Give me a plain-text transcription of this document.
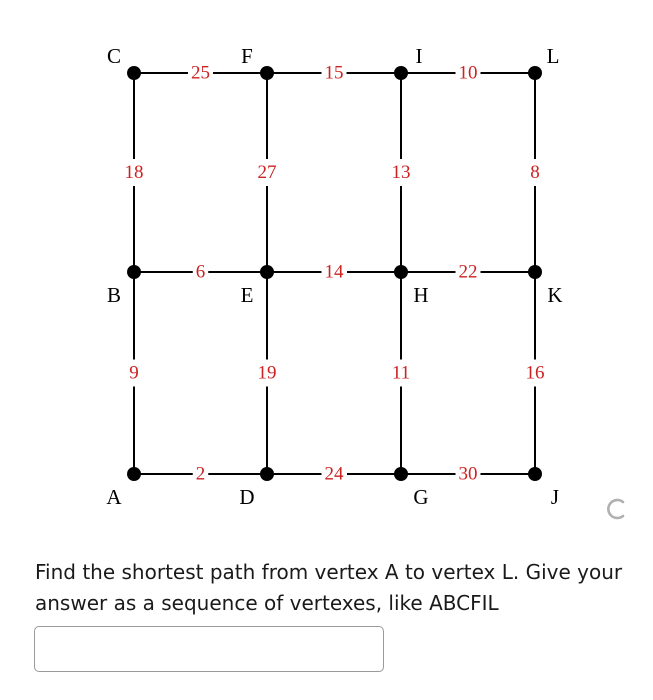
25	15	10
6	14	22
2	24	30
18	27	13	8
9	19	11	16
C	F	I	L
B	E	H	K
A	D	G	J
Find the shortest path from vertex A to vertex L. Give your answer as a sequence of vertexes, like ABCFIL
